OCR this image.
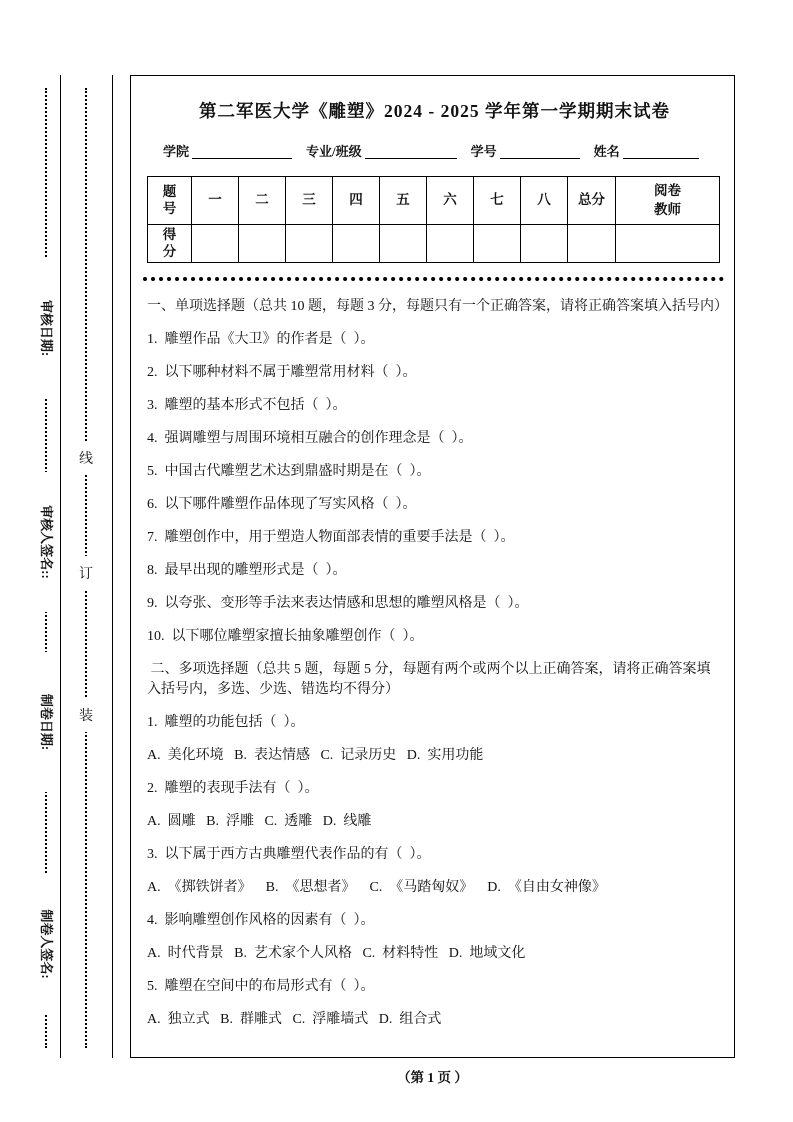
审核日期:
审核人签名::
制卷日期:
制卷人签名:
线
订
装
第二军医大学《雕塑》2024 - 2025 学年第一学期期末试卷
学院	专业/班级	学号	姓名
题号	一	二	三	四	五	六	七	八	总分	阅卷教师
得分										

一、单项选择题（总共 10 题，每题 3 分，每题只有一个正确答案，请将正确答案填入括号内）

1.  雕塑作品《大卫》的作者是（  ）。

2.  以下哪种材料不属于雕塑常用材料（  ）。

3.  雕塑的基本形式不包括（  ）。

4.  强调雕塑与周围环境相互融合的创作理念是（  ）。

5.  中国古代雕塑艺术达到鼎盛时期是在（  ）。

6.  以下哪件雕塑作品体现了写实风格（  ）。

7.  雕塑创作中，用于塑造人物面部表情的重要手法是（  ）。

8.  最早出现的雕塑形式是（  ）。

9.  以夸张、变形等手法来表达情感和思想的雕塑风格是（  ）。

10.  以下哪位雕塑家擅长抽象雕塑创作（  ）。

二、多项选择题（总共 5 题，每题 5 分，每题有两个或两个以上正确答案，请将正确答案填入括号内，多选、少选、错选均不得分）

1.  雕塑的功能包括（  ）。

A.  美化环境   B.  表达情感   C.  记录历史   D.  实用功能

2.  雕塑的表现手法有（  ）。

A.  圆雕   B.  浮雕   C.  透雕   D.  线雕

3.  以下属于西方古典雕塑代表作品的有（  ）。

A.  《掷铁饼者》    B.  《思想者》    C.  《马踏匈奴》    D.  《自由女神像》

4.  影响雕塑创作风格的因素有（  ）。

A.  时代背景   B.  艺术家个人风格   C.  材料特性   D.  地域文化

5.  雕塑在空间中的布局形式有（  ）。

A.  独立式   B.  群雕式   C.  浮雕墙式   D.  组合式

（第 1 页 ）
